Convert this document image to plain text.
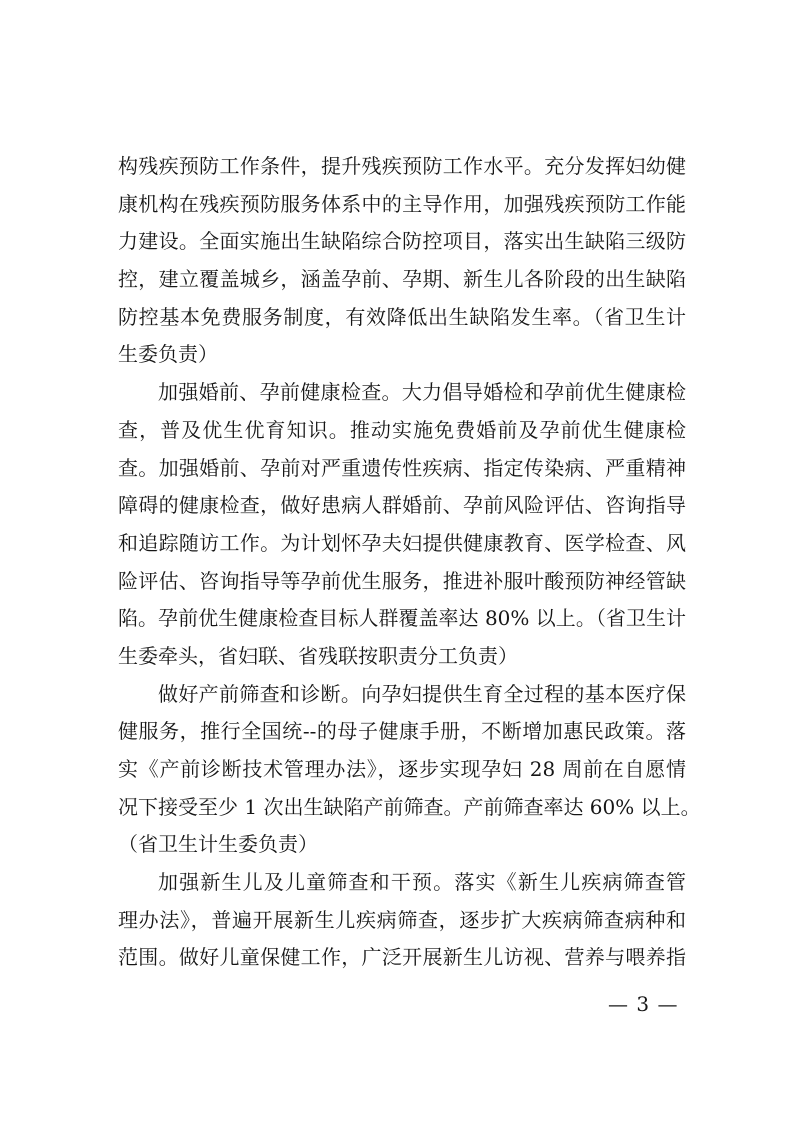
构残疾预防工作条件，提升残疾预防工作水平。充分发挥妇幼健
康机构在残疾预防服务体系中的主导作用，加强残疾预防工作能
力建设。全面实施出生缺陷综合防控项目，落实出生缺陷三级防
控，建立覆盖城乡，涵盖孕前、孕期、新生儿各阶段的出生缺陷
防控基本免费服务制度，有效降低出生缺陷发生率。（省卫生计
生委负责）
加强婚前、孕前健康检查。大力倡导婚检和孕前优生健康检
查，普及优生优育知识。推动实施免费婚前及孕前优生健康检
查。加强婚前、孕前对严重遗传性疾病、指定传染病、严重精神
障碍的健康检查，做好患病人群婚前、孕前风险评估、咨询指导
和追踪随访工作。为计划怀孕夫妇提供健康教育、医学检查、风
险评估、咨询指导等孕前优生服务，推进补服叶酸预防神经管缺
陷。孕前优生健康检查目标人群覆盖率达 80% 以上。（省卫生计
生委牵头，省妇联、省残联按职责分工负责）
做好产前筛查和诊断。向孕妇提供生育全过程的基本医疗保
健服务，推行全国统--的母子健康手册，不断增加惠民政策。落
实《产前诊断技术管理办法》，逐步实现孕妇 28 周前在自愿情
况下接受至少 1 次出生缺陷产前筛查。产前筛查率达 60% 以上。
（省卫生计生委负责）
加强新生儿及儿童筛查和干预。落实《新生儿疾病筛查管
理办法》，普遍开展新生儿疾病筛查，逐步扩大疾病筛查病种和
范围。做好儿童保健工作，广泛开展新生儿访视、营养与喂养指
— 3 —
